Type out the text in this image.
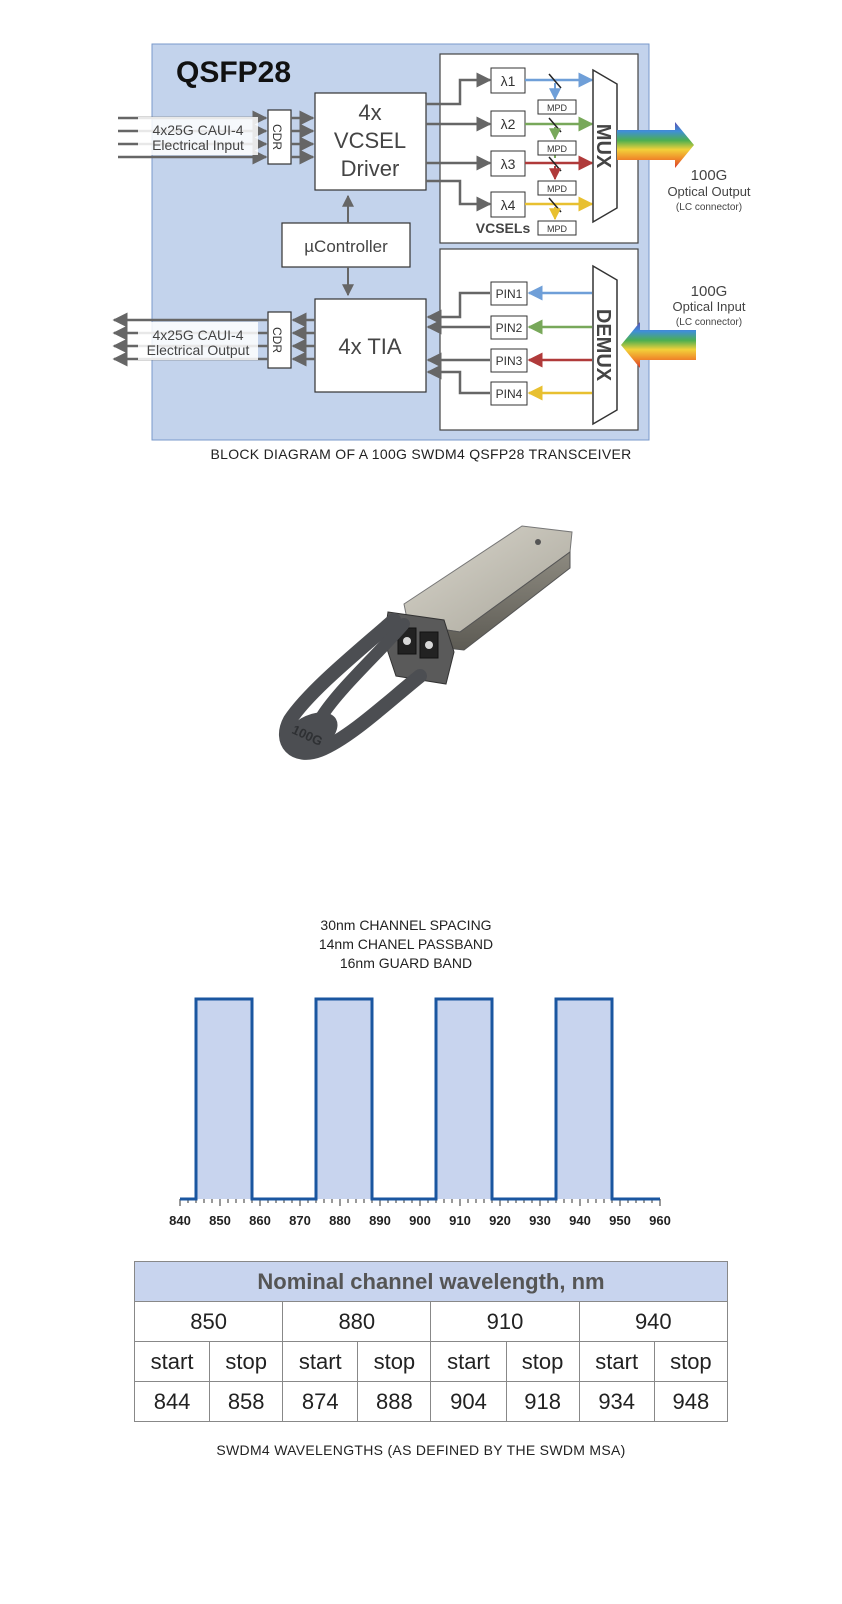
QSFP28
4x25G CAUI-4
Electrical Input CDR
4x
VCSEL
Driver
λ1
λ2
λ3
λ4
MPD
MPD
MPD
MPD
VCSELs
MUX
100G
Optical Output
(LC connector)
µController
4x TIA
CDR
4x25G CAUI-4
Electrical Output
PIN1
PIN2
PIN3
PIN4
DEMUX
100G
Optical Input
(LC connector)
BLOCK DIAGRAM OF A 100G SWDM4 QSFP28 TRANSCEIVER
100G
30nm CHANNEL SPACING
14nm CHANEL PASSBAND
16nm GUARD BAND
840 850 860 870 880 890 900 910 920 930 940 950 960
Nominal channel wavelength, nm							
850		880		910		940	
start	stop	start	stop	start	stop	start	stop
844	858	874	888	904	918	934	948
SWDM4 WAVELENGTHS (AS DEFINED BY THE SWDM MSA)
